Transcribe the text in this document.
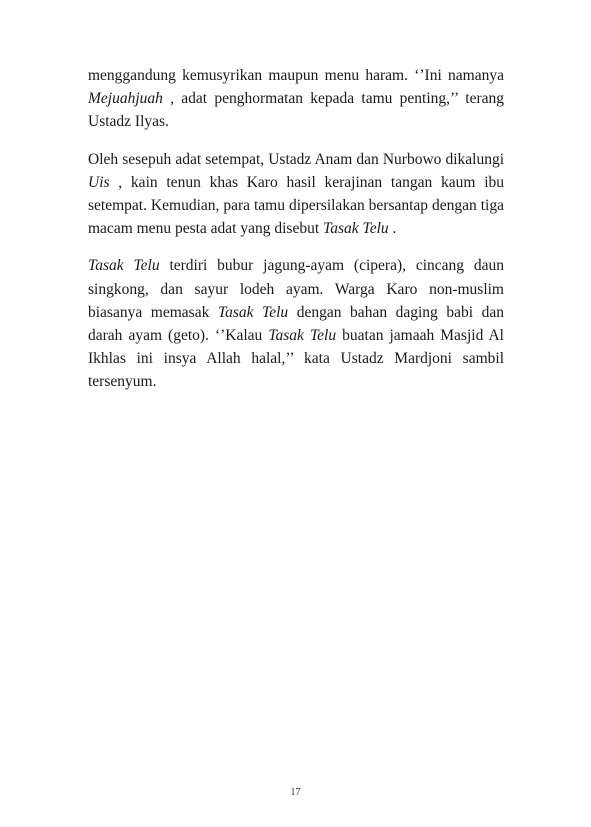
menggandung kemusyrikan maupun menu haram. ‘’Ini namanya Mejuahjuah , adat penghormatan kepada tamu penting,’’ terang Ustadz Ilyas.

Oleh sesepuh adat setempat, Ustadz Anam dan Nurbowo dikalungi Uis , kain tenun khas Karo hasil kerajinan tangan kaum ibu setempat. Kemudian, para tamu dipersilakan bersantap dengan tiga macam menu pesta adat yang disebut Tasak Telu .

Tasak Telu terdiri bubur jagung-ayam (cipera), cincang daun singkong, dan sayur lodeh ayam. Warga Karo non-muslim biasanya memasak Tasak Telu dengan bahan daging babi dan darah ayam (geto). ‘’Kalau Tasak Telu buatan jamaah Masjid Al Ikhlas ini insya Allah halal,’’ kata Ustadz Mardjoni sambil tersenyum.

17
